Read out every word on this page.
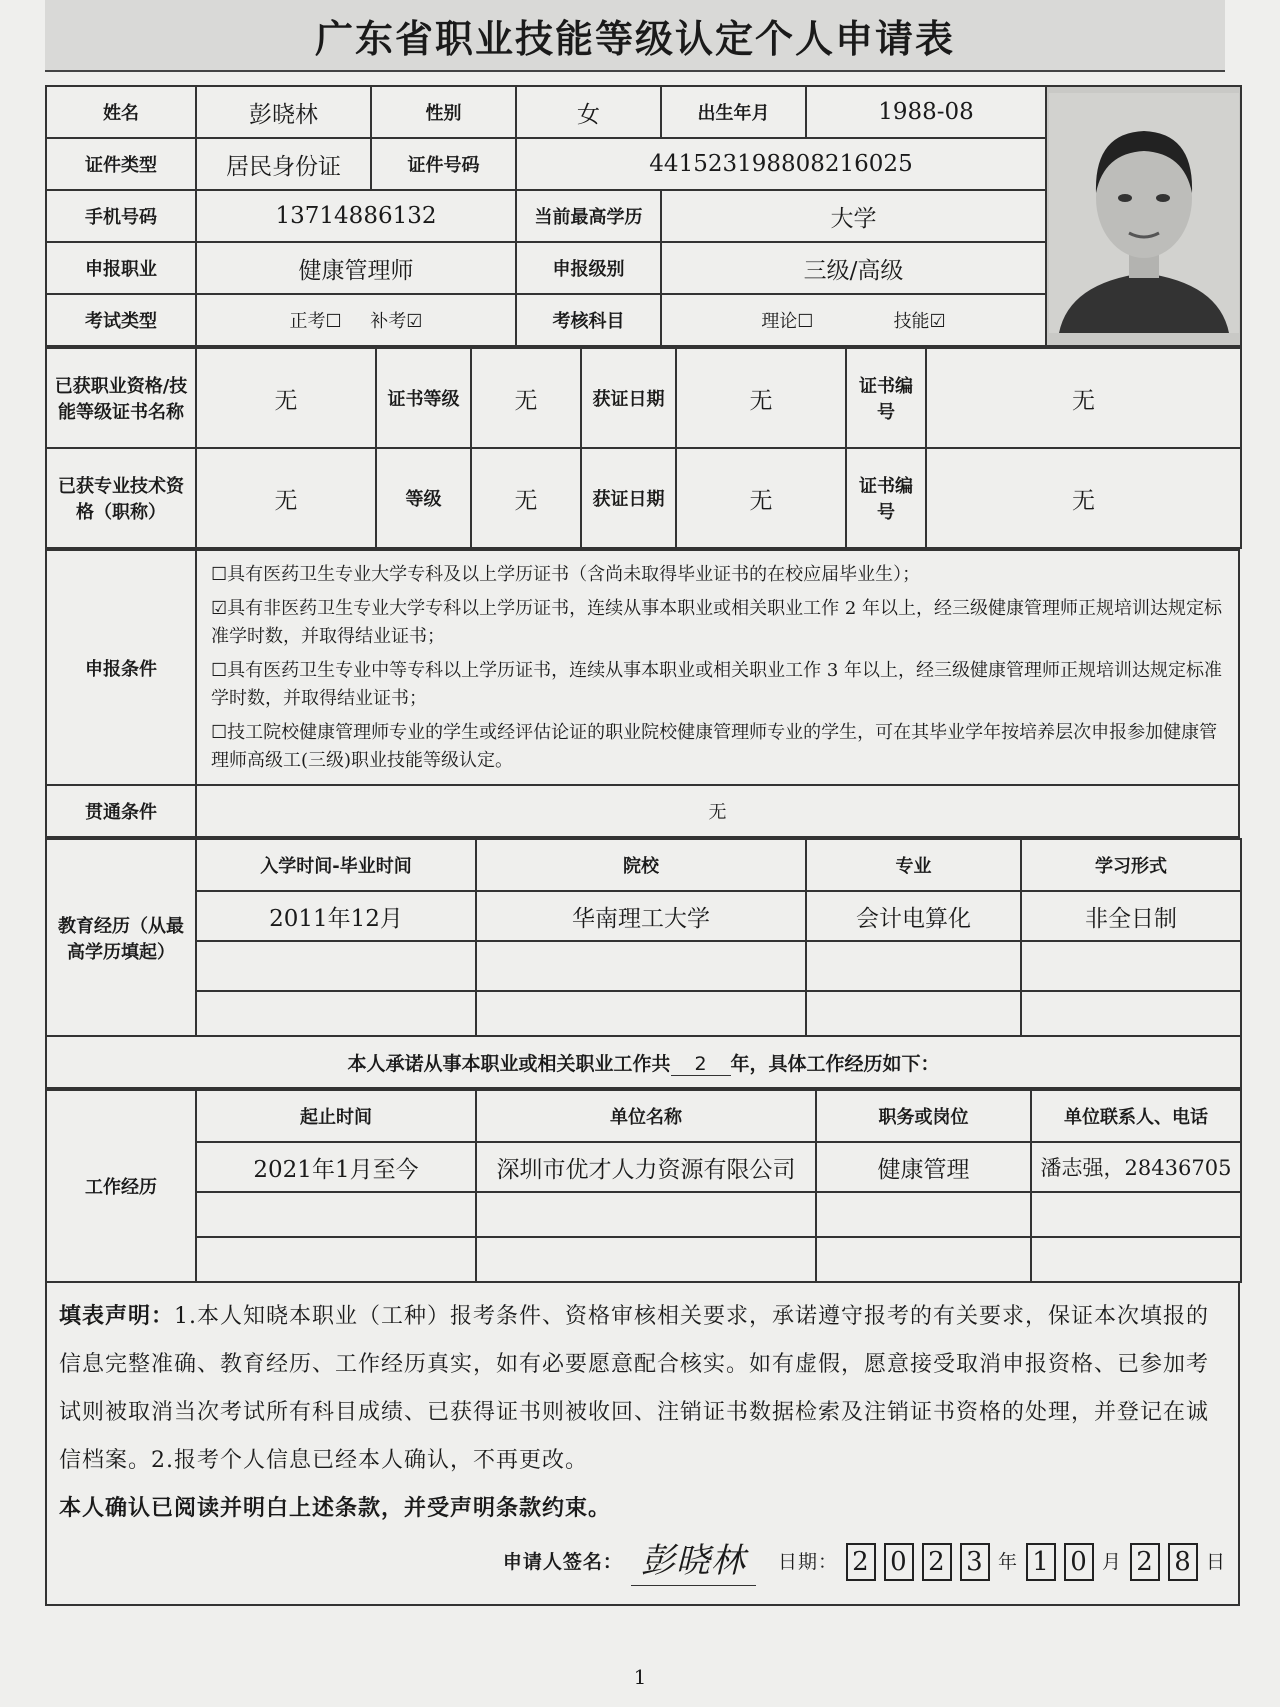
广东省职业技能等级认定个人申请表
姓名	彭晓林	性别	女	出生年月	1988-08	
证件类型	居民身份证	证件号码	441523198808216025			
手机号码	13714886132		当前最高学历	大学		
申报职业	健康管理师		申报级别	三级/高级		
考试类型	正考☐ 补考☑		考核科目	理论☐ 技能☑		
已获职业资格/技能等级证书名称	无	证书等级	无	获证日期	无	证书编号	无
已获专业技术资格（职称）	无	等级	无	获证日期	无	证书编号	无
申报条件	☐具有医药卫生专业大学专科及以上学历证书（含尚未取得毕业证书的在校应届毕业生）；

☑具有非医药卫生专业大学专科以上学历证书，连续从事本职业或相关职业工作 2 年以上，经三级健康管理师正规培训达规定标准学时数，并取得结业证书；

☐具有医药卫生专业中等专科以上学历证书，连续从事本职业或相关职业工作 3 年以上，经三级健康管理师正规培训达规定标准学时数，并取得结业证书；

☐技工院校健康管理师专业的学生或经评估论证的职业院校健康管理师专业的学生，可在其毕业学年按培养层次申报参加健康管理师高级工(三级)职业技能等级认定。

贯通条件	无
教育经历（从最高学历填起）	入学时间-毕业时间	院校	专业	学习形式
	2011年12月	华南理工大学	会计电算化	非全日制

本人承诺从事本职业或相关职业工作共 2 年，具体工作经历如下：				
工作经历	起止时间	单位名称	职务或岗位	单位联系人、电话
	2021年1月至今	深圳市优才人力资源有限公司	健康管理	潘志强，28436705

填表声明：1.本人知晓本职业（工种）报考条件、资格审核相关要求，承诺遵守报考的有关要求，保证本次填报的信息完整准确、教育经历、工作经历真实，如有必要愿意配合核实。如有虚假，愿意接受取消申报资格、已参加考试则被取消当次考试所有科目成绩、已获得证书则被收回、注销证书数据检索及注销证书资格的处理，并登记在诚信档案。2.报考个人信息已经本人确认，不再更改。
本人确认已阅读并明白上述条款，并受声明条款约束。
申请人签名： 彭晓林	日期： 2 0 2 3 年 1 0 月 2 8 日
1
